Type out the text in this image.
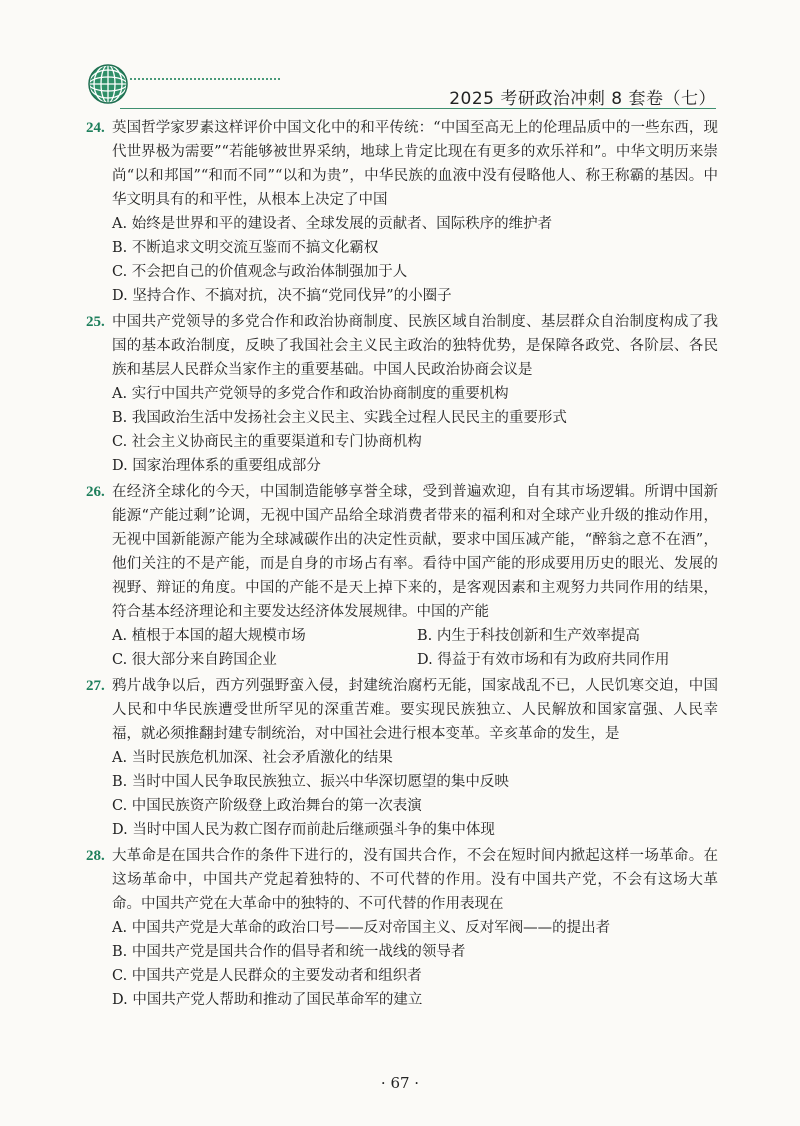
2025 考研政治冲刺 8 套卷（七）
24. 英国哲学家罗素这样评价中国文化中的和平传统：“中国至高无上的伦理品质中的一些东西，现代世界极为需要”“若能够被世界采纳，地球上肯定比现在有更多的欢乐祥和”。中华文明历来崇尚“以和邦国”“和而不同”“以和为贵”，中华民族的血液中没有侵略他人、称王称霸的基因。中华文明具有的和平性，从根本上决定了中国
A. 始终是世界和平的建设者、全球发展的贡献者、国际秩序的维护者
B. 不断追求文明交流互鉴而不搞文化霸权
C. 不会把自己的价值观念与政治体制强加于人
D. 坚持合作、不搞对抗，决不搞“党同伐异”的小圈子
25. 中国共产党领导的多党合作和政治协商制度、民族区域自治制度、基层群众自治制度构成了我国的基本政治制度，反映了我国社会主义民主政治的独特优势，是保障各政党、各阶层、各民族和基层人民群众当家作主的重要基础。中国人民政治协商会议是
A. 实行中国共产党领导的多党合作和政治协商制度的重要机构
B. 我国政治生活中发扬社会主义民主、实践全过程人民民主的重要形式
C. 社会主义协商民主的重要渠道和专门协商机构
D. 国家治理体系的重要组成部分
26. 在经济全球化的今天，中国制造能够享誉全球，受到普遍欢迎，自有其市场逻辑。所谓中国新能源“产能过剩”论调，无视中国产品给全球消费者带来的福利和对全球产业升级的推动作用，无视中国新能源产能为全球减碳作出的决定性贡献，要求中国压减产能，“醉翁之意不在酒”，他们关注的不是产能，而是自身的市场占有率。看待中国产能的形成要用历史的眼光、发展的视野、辩证的角度。中国的产能不是天上掉下来的，是客观因素和主观努力共同作用的结果，符合基本经济理论和主要发达经济体发展规律。中国的产能
A. 植根于本国的超大规模市场	B. 内生于科技创新和生产效率提高
C. 很大部分来自跨国企业	D. 得益于有效市场和有为政府共同作用
27. 鸦片战争以后，西方列强野蛮入侵，封建统治腐朽无能，国家战乱不已，人民饥寒交迫，中国人民和中华民族遭受世所罕见的深重苦难。要实现民族独立、人民解放和国家富强、人民幸福，就必须推翻封建专制统治，对中国社会进行根本变革。辛亥革命的发生，是
A. 当时民族危机加深、社会矛盾激化的结果
B. 当时中国人民争取民族独立、振兴中华深切愿望的集中反映
C. 中国民族资产阶级登上政治舞台的第一次表演
D. 当时中国人民为救亡图存而前赴后继顽强斗争的集中体现
28. 大革命是在国共合作的条件下进行的，没有国共合作，不会在短时间内掀起这样一场革命。在这场革命中，中国共产党起着独特的、不可代替的作用。没有中国共产党，不会有这场大革命。中国共产党在大革命中的独特的、不可代替的作用表现在
A. 中国共产党是大革命的政治口号——反对帝国主义、反对军阀——的提出者
B. 中国共产党是国共合作的倡导者和统一战线的领导者
C. 中国共产党是人民群众的主要发动者和组织者
D. 中国共产党人帮助和推动了国民革命军的建立
· 67 ·
